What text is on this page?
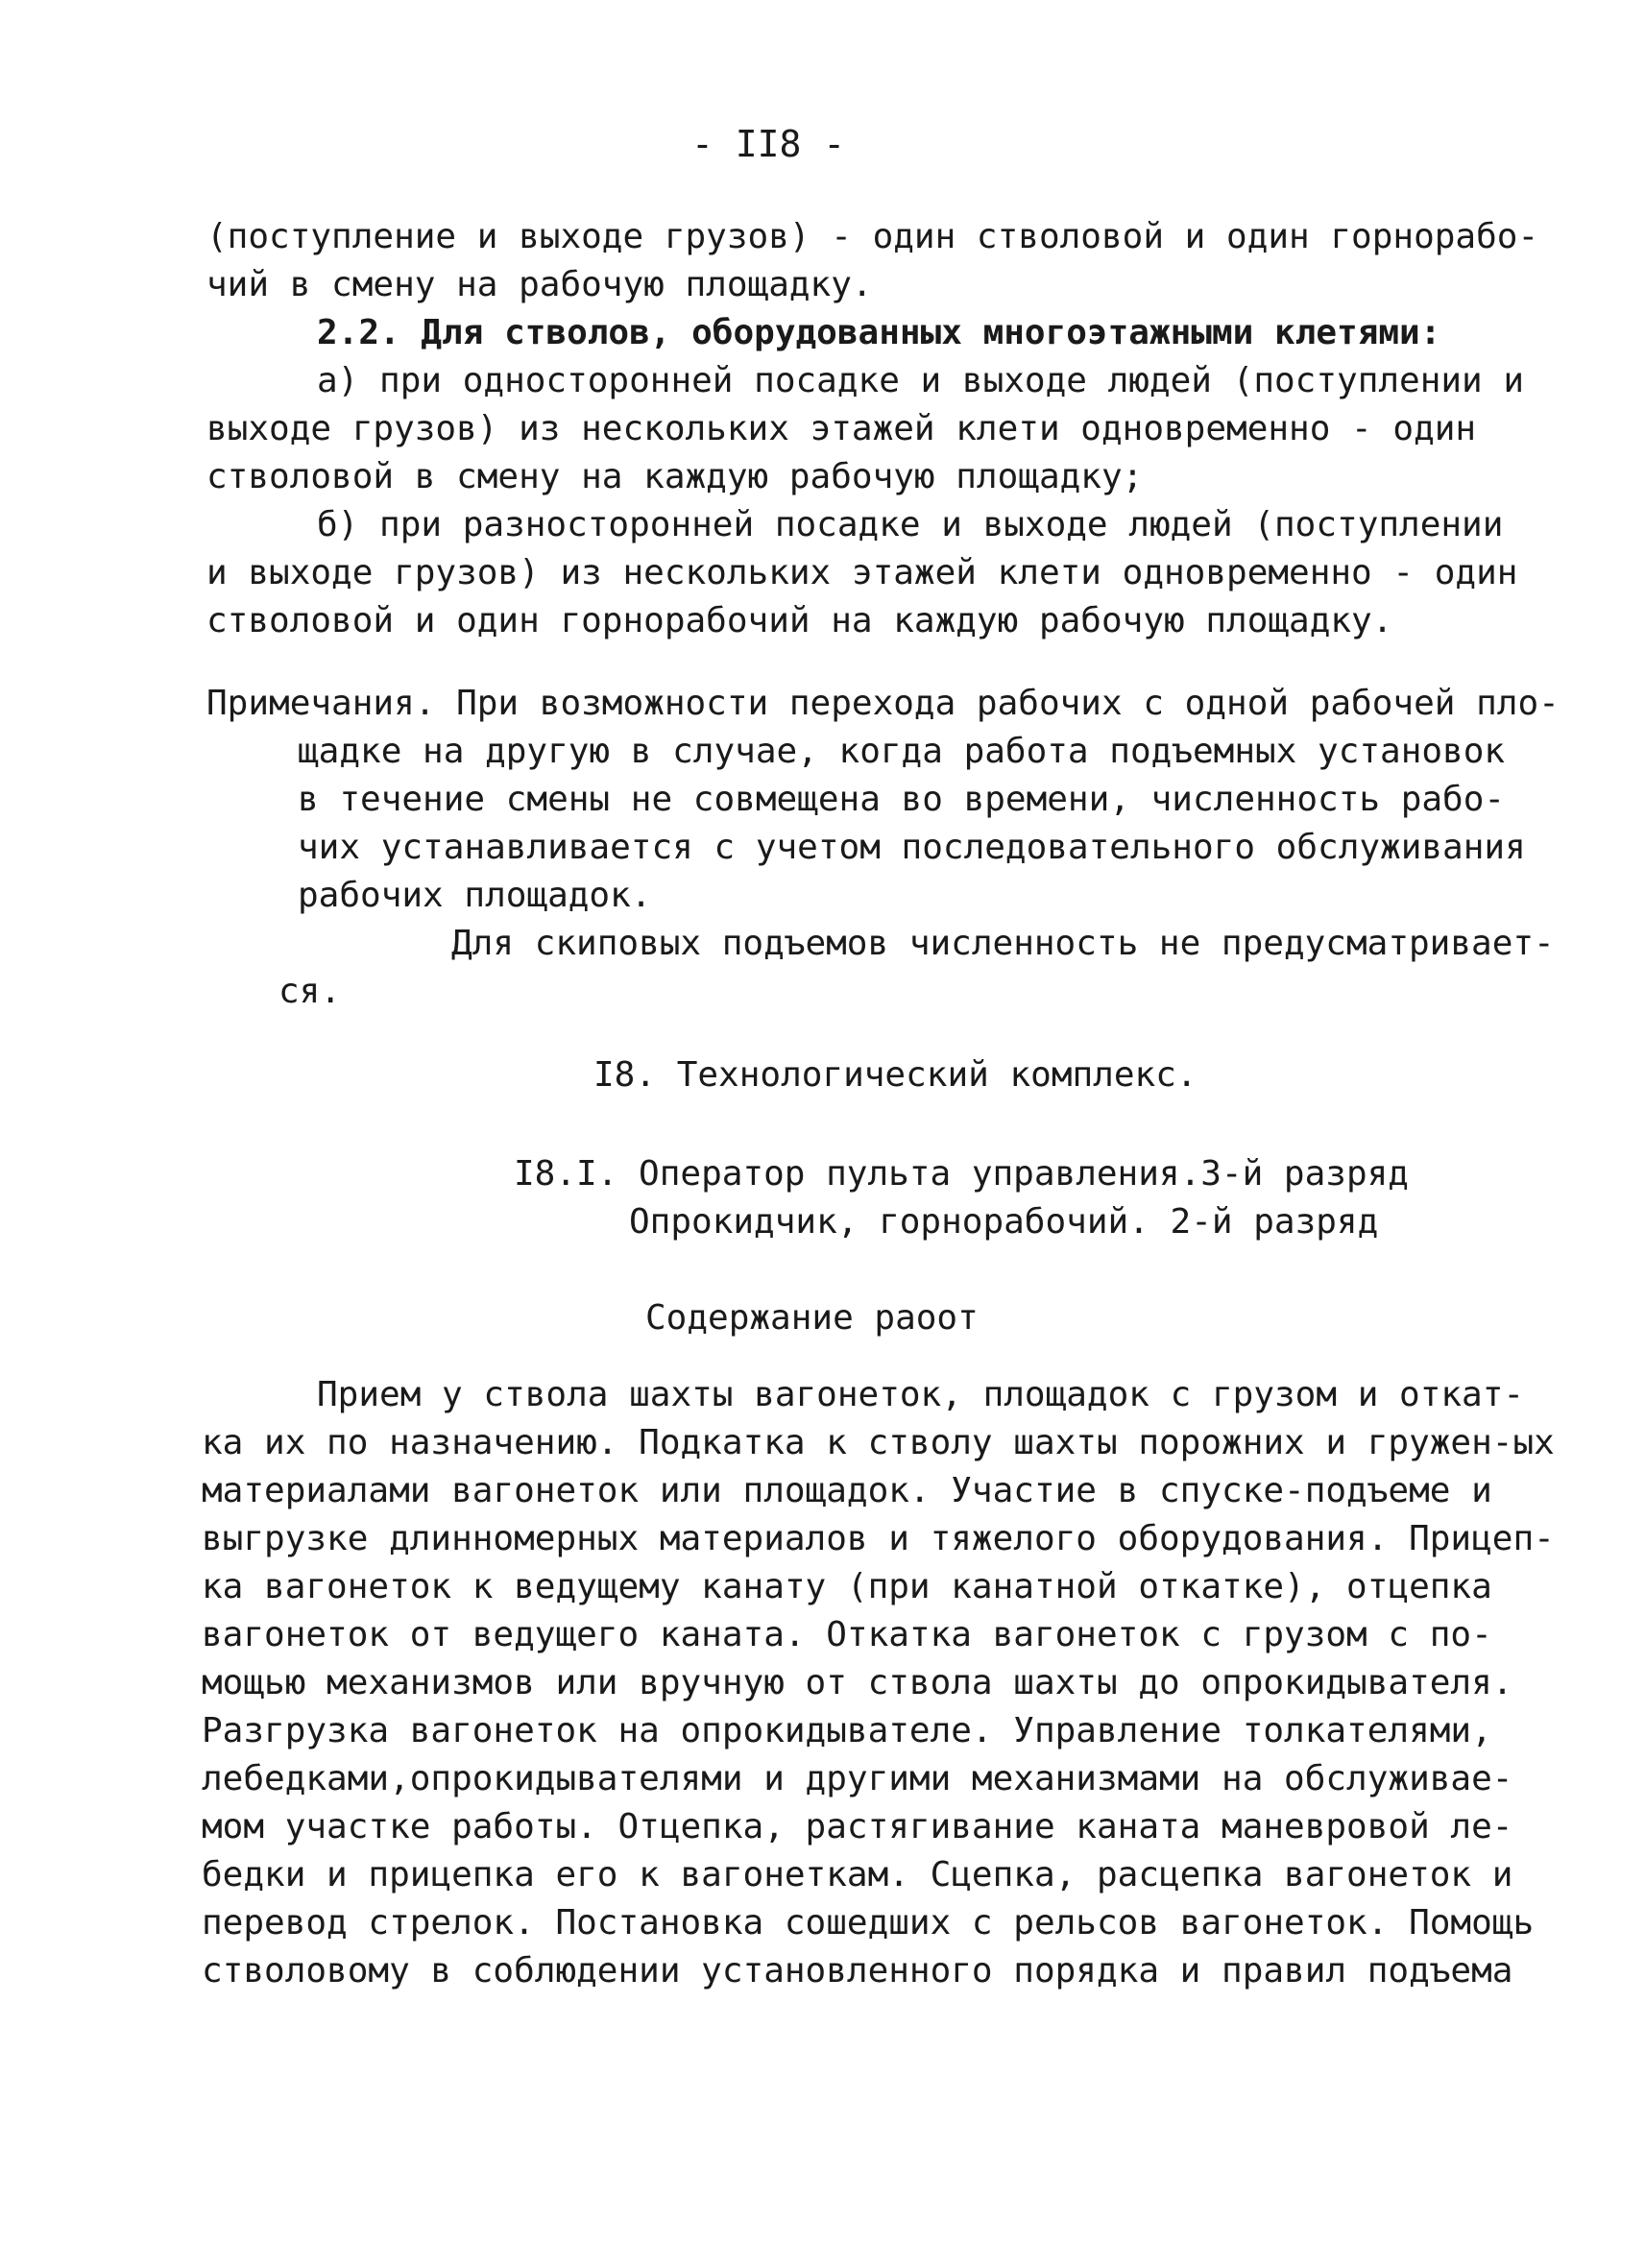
- II8 -
(поступление и выходе грузов) - один стволовой и один горнорабо-
чий в смену на рабочую площадку.
2.2. Для стволов, оборудованных многоэтажными клетями:
а) при односторонней посадке и выходе людей (поступлении и
выходе грузов) из нескольких этажей клети одновременно - один
стволовой в смену на каждую рабочую площадку;
б) при разносторонней посадке и выходе людей (поступлении
и выходе грузов) из нескольких этажей клети одновременно - один
стволовой и один горнорабочий на каждую рабочую площадку.
Примечания. При возможности перехода рабочих с одной рабочей пло-
щадке на другую в случае, когда работа подъемных установок
в течение смены не совмещена во времени, численность рабо-
чих устанавливается с учетом последовательного обслуживания
рабочих площадок.
Для скиповых подъемов численность не предусматривает-
ся.
I8. Технологический комплекс.
I8.I. Оператор пульта управления.3-й разряд
Опрокидчик, горнорабочий. 2-й разряд
Содержание раоот
Прием у ствола шахты вагонеток, площадок с грузом и откат-
ка их по назначению. Подкатка к стволу шахты порожних и гружен-ых
материалами вагонеток или площадок. Участие в спуске-подъеме и
выгрузке длинномерных материалов и тяжелого оборудования. Прицеп-
ка вагонеток к ведущему канату (при канатной откатке), отцепка
вагонеток от ведущего каната. Откатка вагонеток с грузом с по-
мощью механизмов или вручную от ствола шахты до опрокидывателя.
Разгрузка вагонеток на опрокидывателе. Управление толкателями,
лебедками,опрокидывателями и другими механизмами на обслуживае-
мом участке работы. Отцепка, растягивание каната маневровой ле-
бедки и прицепка его к вагонеткам. Сцепка, расцепка вагонеток и
перевод стрелок. Постановка сошедших с рельсов вагонеток. Помощь
стволовому в соблюдении установленного порядка и правил подъема
